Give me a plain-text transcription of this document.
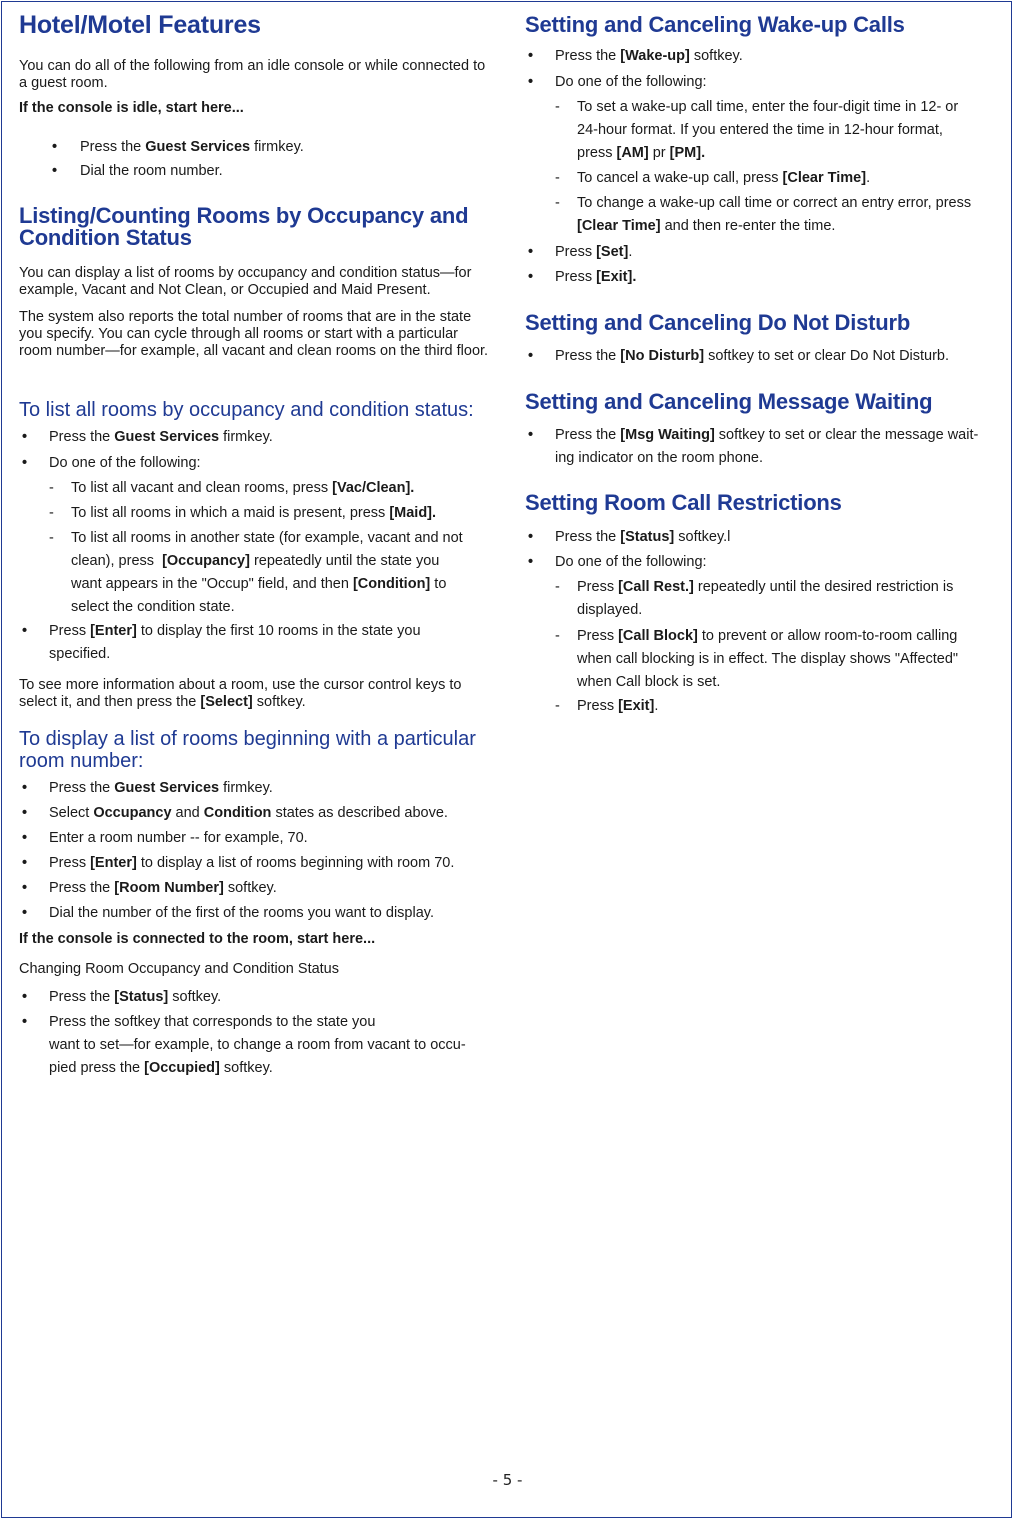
Hotel/Motel Features

You can do all of the following from an idle console or while connected to a guest room.

If the console is idle, start here...

• Press the Guest Services firmkey.
• Dial the room number.
Listing/Counting Rooms by Occupancy and
Condition Status

You can display a list of rooms by occupancy and condition status—for example, Vacant and Not Clean, or Occupied and Maid Present.

The system also reports the total number of rooms that are in the state you specify. You can cycle through all rooms or start with a particular room number—for example, all vacant and clean rooms on the third floor.

To list all rooms by occupancy and condition status:
•	Press the Guest Services firmkey.
•	Do one of the following:
-	To list all vacant and clean rooms, press [Vac/Clean].
-	To list all rooms in which a maid is present, press [Maid].
- To list all rooms in another state (for example, vacant and not
clean), press  [Occupancy] repeatedly until the state you
want appears in the "Occup" field, and then [Condition] to
select the condition state.
• Press [Enter] to display the first 10 rooms in the state you
specified.

To see more information about a room, use the cursor control keys to select it, and then press the [Select] softkey.

To display a list of rooms beginning with a particular room number:
•	Press the Guest Services firmkey.
•	Select Occupancy and Condition states as described above.
•	Enter a room number -- for example, 70.
•	Press [Enter] to display a list of rooms beginning with room 70.
•	Press the [Room Number] softkey.
•	Dial the number of the first of the rooms you want to display.

If the console is connected to the room, start here...

Changing Room Occupancy and Condition Status

•	Press the [Status] softkey.
• Press the softkey that corresponds to the state you
want to set—for example, to change a room from vacant to occu-
pied press the [Occupied] softkey.
Setting and Canceling Wake-up Calls
•	Press the [Wake-up] softkey.
•	Do one of the following:
- To set a wake-up call time, enter the four-digit time in 12- or
24-hour format. If you entered the time in 12-hour format,
press [AM] pr [PM].
-	To cancel a wake-up call, press [Clear Time].
- To change a wake-up call time or correct an entry error, press
[Clear Time] and then re-enter the time.
•	Press [Set].
•	Press [Exit].
Setting and Canceling Do Not Disturb
•	Press the [No Disturb] softkey to set or clear Do Not Disturb.
Setting and Canceling Message Waiting
• Press the [Msg Waiting] softkey to set or clear the message wait-
ing indicator on the room phone.
Setting Room Call Restrictions
•	Press the [Status] softkey.l
•	Do one of the following:
- Press [Call Rest.] repeatedly until the desired restriction is
displayed.
- Press [Call Block] to prevent or allow room-to-room calling
when call blocking is in effect. The display shows "Affected"
when Call block is set.
-	Press [Exit].
- 5 -
